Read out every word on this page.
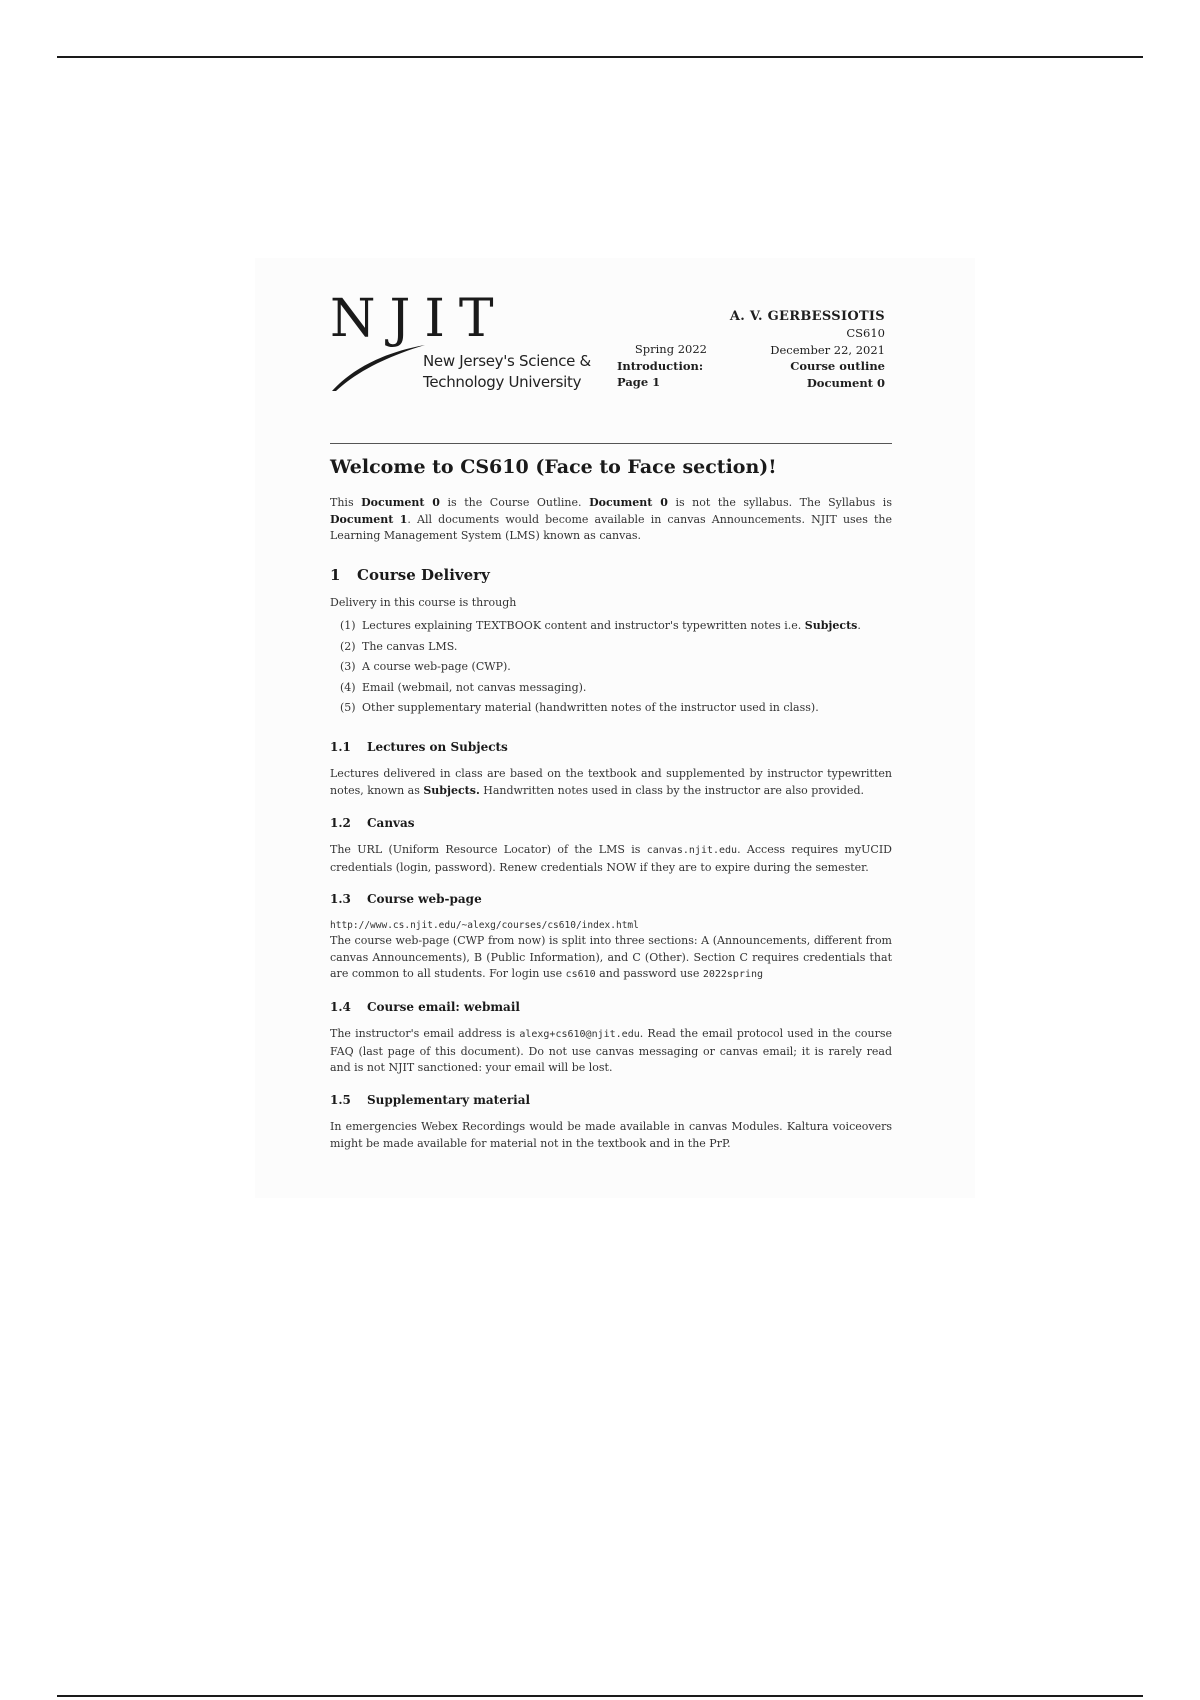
NJIT
New Jersey's Science &
Technology University
Spring 2022
Introduction:
Page 1
A. V. GERBESSIOTIS
CS610
December 22, 2021
Course outline
Document 0
Welcome to CS610 (Face to Face section)!
This Document 0 is the Course Outline. Document 0 is not the syllabus. The Syllabus is Document 1. All documents would become available in canvas Announcements. NJIT uses the Learning Management System (LMS) known as canvas.
1 Course Delivery
Delivery in this course is through
(1) Lectures explaining TEXTBOOK content and instructor's typewritten notes i.e. Subjects.
(2) The canvas LMS.
(3) A course web-page (CWP).
(4) Email (webmail, not canvas messaging).
(5) Other supplementary material (handwritten notes of the instructor used in class).
1.1 Lectures on Subjects
Lectures delivered in class are based on the textbook and supplemented by instructor typewritten notes, known as Subjects. Handwritten notes used in class by the instructor are also provided.
1.2 Canvas
The URL (Uniform Resource Locator) of the LMS is canvas.njit.edu. Access requires myUCID credentials (login, password). Renew credentials NOW if they are to expire during the semester.
1.3 Course web-page
http://www.cs.njit.edu/~alexg/courses/cs610/index.html
The course web-page (CWP from now) is split into three sections: A (Announcements, different from canvas Announcements), B (Public Information), and C (Other). Section C requires credentials that are common to all students. For login use cs610 and password use 2022spring
1.4 Course email: webmail
The instructor's email address is alexg+cs610@njit.edu. Read the email protocol used in the course FAQ (last page of this document). Do not use canvas messaging or canvas email; it is rarely read and is not NJIT sanctioned: your email will be lost.
1.5 Supplementary material
In emergencies Webex Recordings would be made available in canvas Modules. Kaltura voiceovers might be made available for material not in the textbook and in the PrP.
